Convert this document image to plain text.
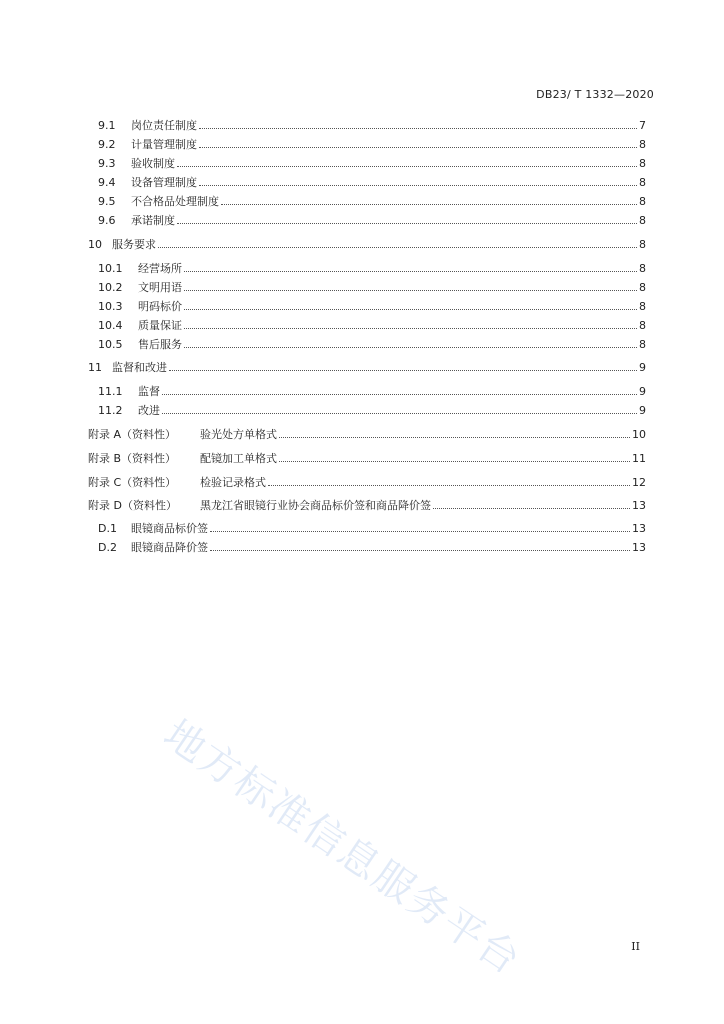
DB23/ T 1332—2020
9.1	岗位责任制度	7
9.2	计量管理制度	8
9.3	验收制度	8
9.4	设备管理制度	8
9.5	不合格品处理制度	8
9.6	承诺制度	8
10 服务要求	8
10.1	经营场所	8
10.2	文明用语	8
10.3	明码标价	8
10.4	质量保证	8
10.5	售后服务	8
11 监督和改进	9
11.1	监督	9
11.2	改进	9
附录 A（资料性）	验光处方单格式	10
附录 B（资料性）	配镜加工单格式	11
附录 C（资料性）	检验记录格式	12
附录 D（资料性）	黑龙江省眼镜行业协会商品标价签和商品降价签	13
D.1	眼镜商品标价签	13
D.2	眼镜商品降价签	13
地方标准信息服务平台	II
